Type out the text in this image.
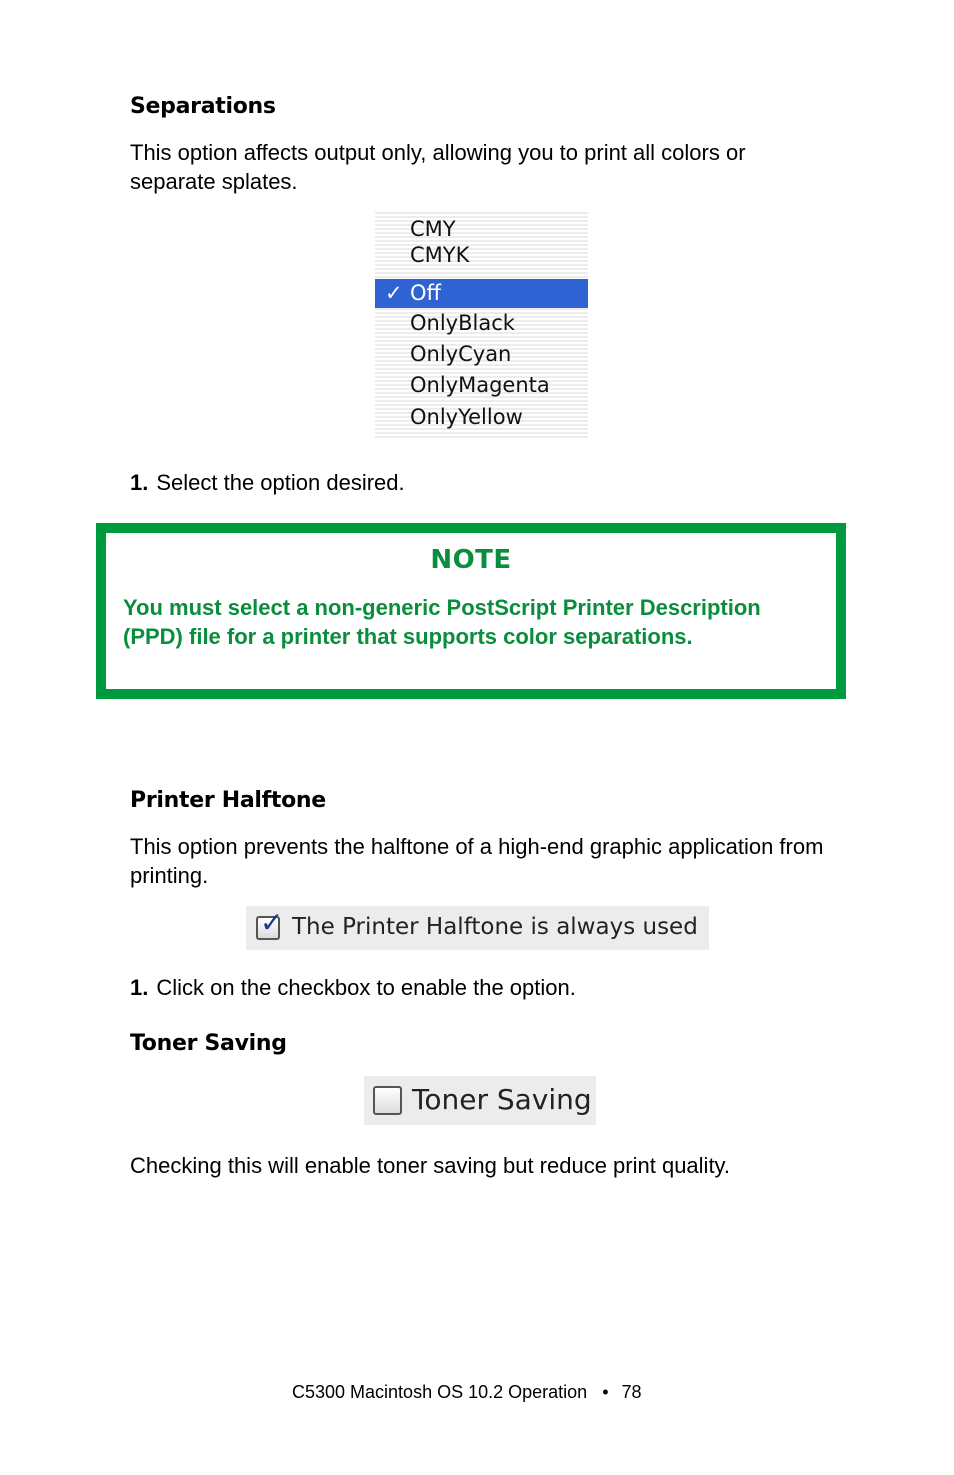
Separations
This option affects output only, allowing you to print all colors or separate splates.
CMY
CMYK
✓ Off
OnlyBlack
OnlyCyan
OnlyMagenta
OnlyYellow
1. Select the option desired.
NOTE
You must select a non-generic PostScript Printer Description (PPD) file for a printer that supports color separations.
Printer Halftone
This option prevents the halftone of a high-end graphic application from printing.
✓ The Printer Halftone is always used
1. Click on the checkbox to enable the option.
Toner Saving
Toner Saving
Checking this will enable toner saving but reduce print quality.
C5300 Macintosh OS 10.2 Operation • 78
